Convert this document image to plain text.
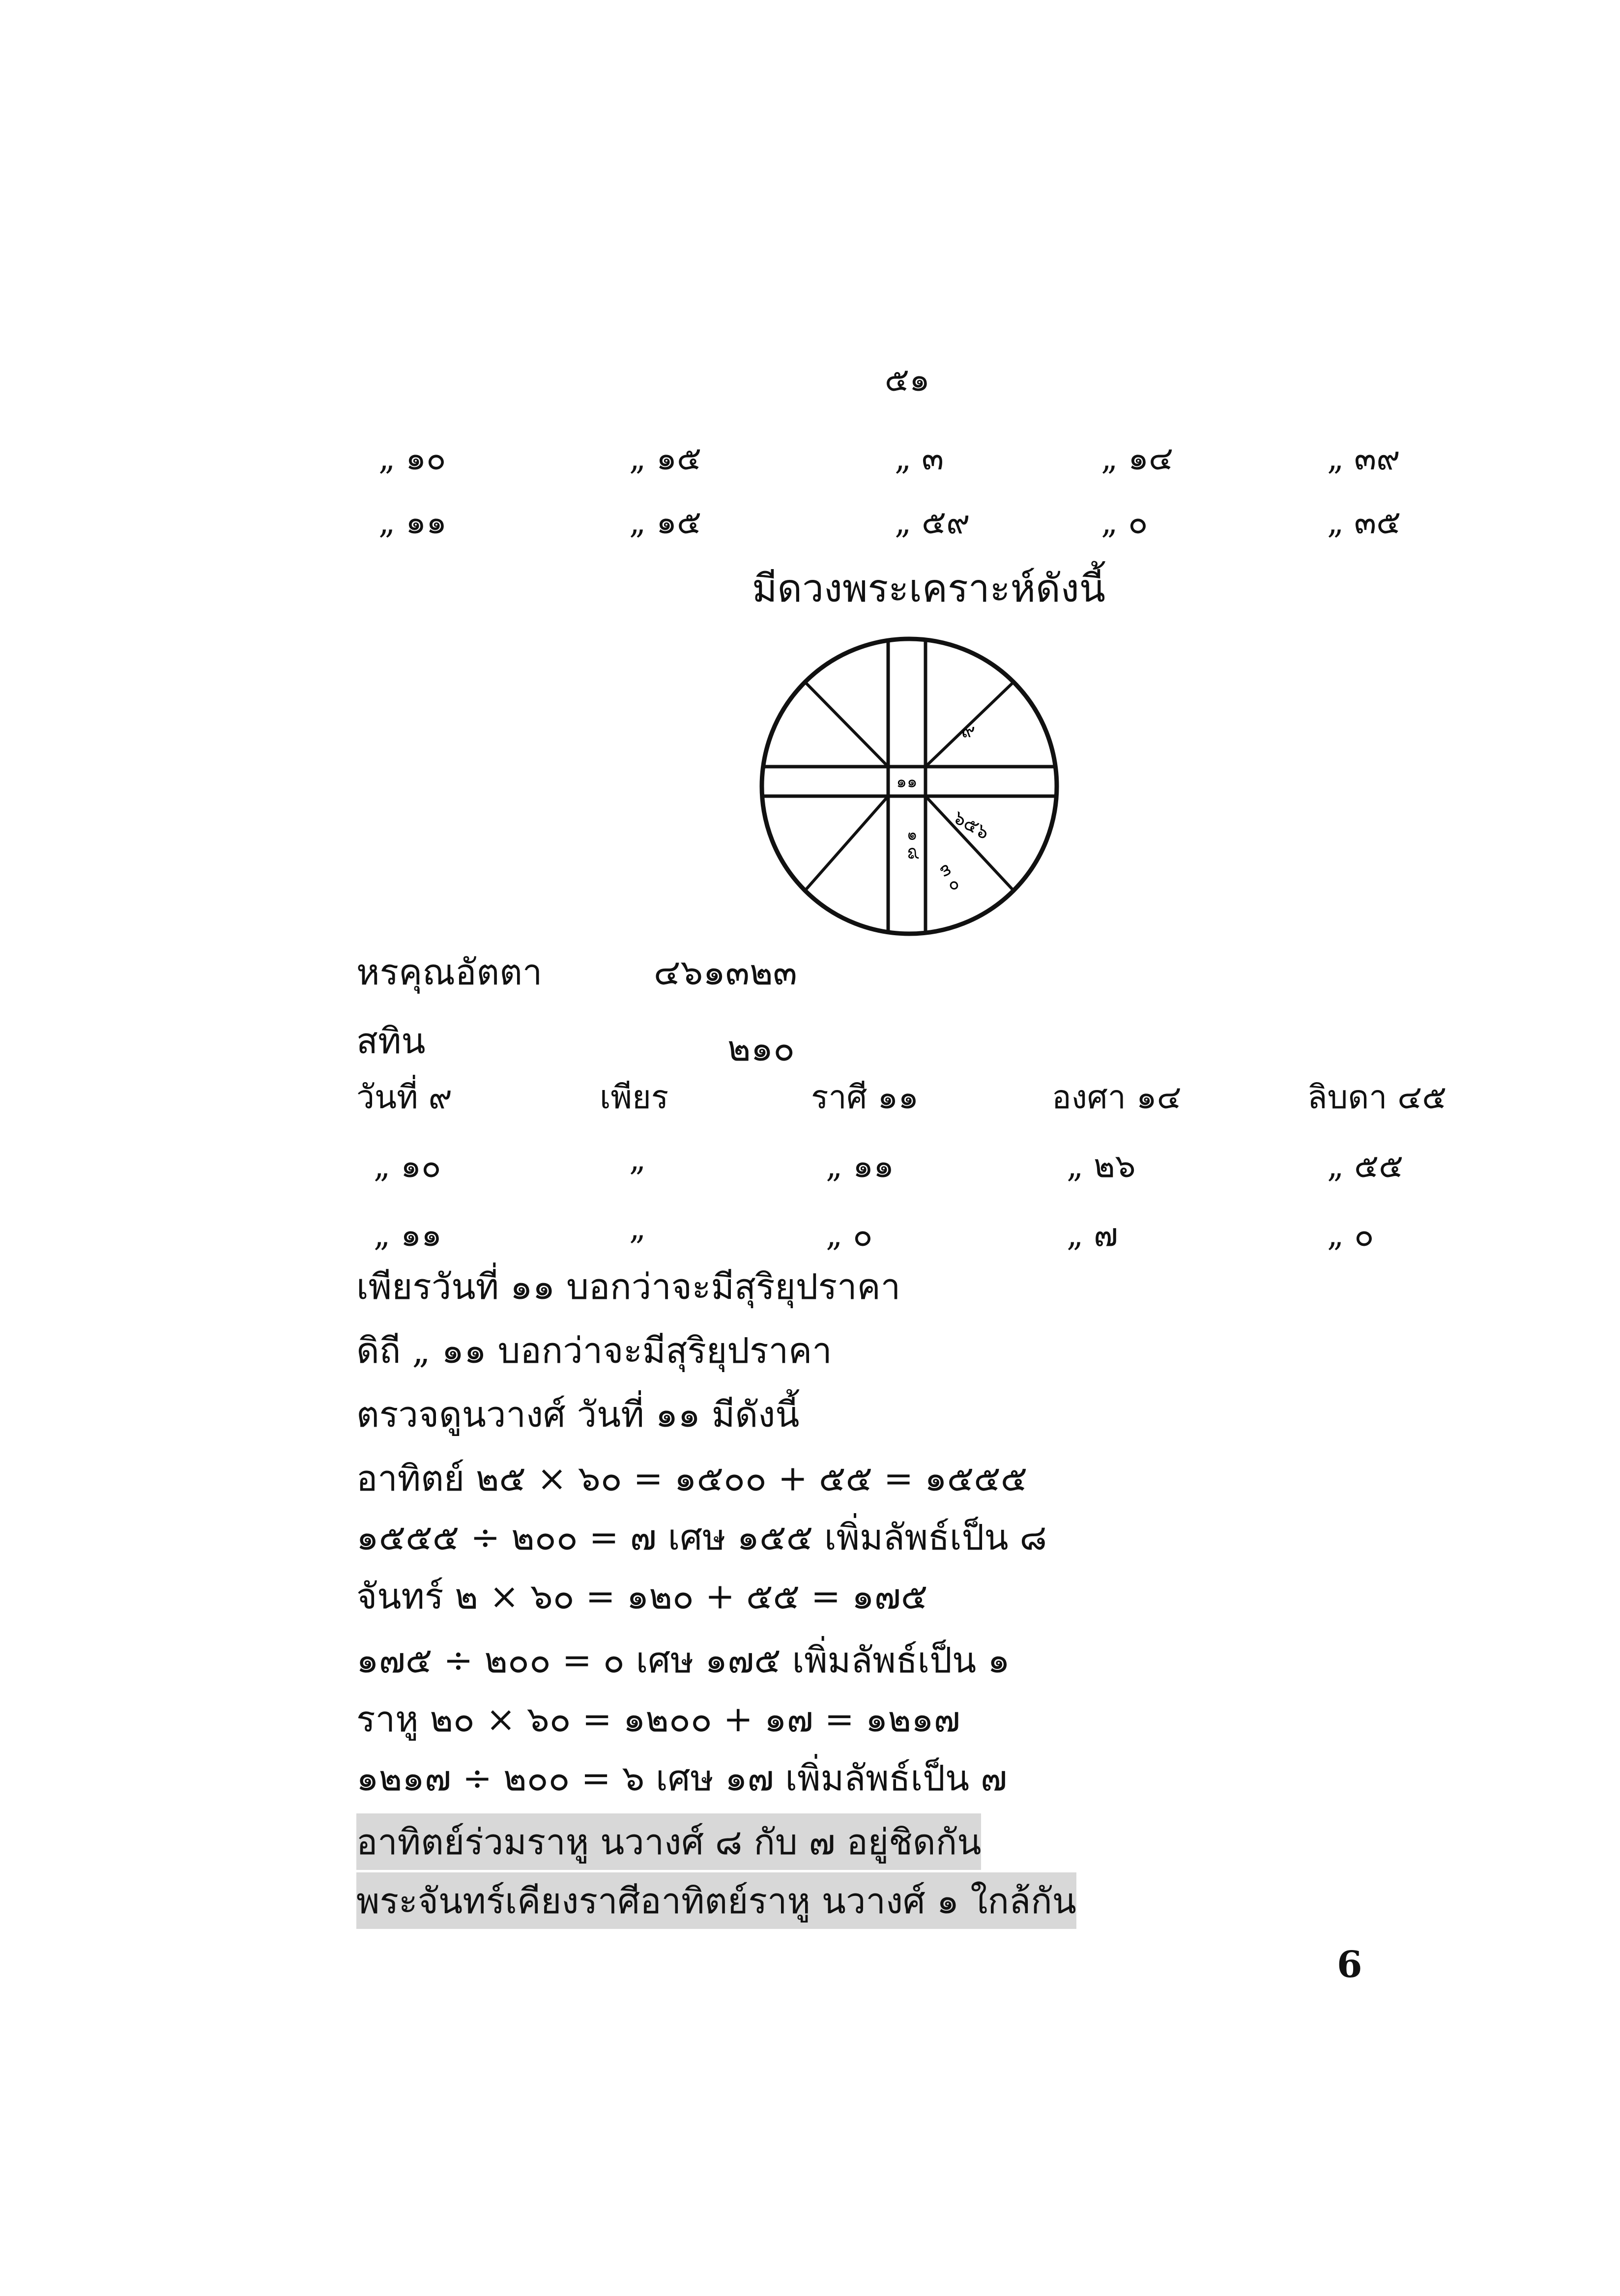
๕๑
„ ๑๐	„ ๑๕	„ ๓	„ ๑๔	„ ๓๙
„ ๑๑	„ ๑๕	„ ๕๙	„ ๐	„ ๓๕
มีดวงพระเคราะห์ดังนี้
๑๑
๙
๖๕๖
๑ ๘
๓ ๐
หรคุณอัตตา	๔๖๑๓๒๓
สทิน	๒๑๐
วันที่ ๙	เพียร	ราศี ๑๑	องศา ๑๔	ลิบดา ๔๕
„ ๑๐	„	„ ๑๑	„ ๒๖	„ ๕๕
„ ๑๑	„	„ ๐	„ ๗	„ ๐
เพียรวันที่ ๑๑ บอกว่าจะมีสุริยุปราคา
ดิถี „ ๑๑ บอกว่าจะมีสุริยุปราคา
ตรวจดูนวางศ์ วันที่ ๑๑ มีดังนี้
อาทิตย์ ๒๕ × ๖๐ = ๑๕๐๐ + ๕๕ = ๑๕๕๕
๑๕๕๕ ÷ ๒๐๐ = ๗ เศษ ๑๕๕ เพิ่มลัพธ์เป็น ๘
จันทร์ ๒ × ๖๐ = ๑๒๐ + ๕๕ = ๑๗๕
๑๗๕ ÷ ๒๐๐ = ๐ เศษ ๑๗๕ เพิ่มลัพธ์เป็น ๑
ราหู ๒๐ × ๖๐ = ๑๒๐๐ + ๑๗ = ๑๒๑๗
๑๒๑๗ ÷ ๒๐๐ = ๖ เศษ ๑๗ เพิ่มลัพธ์เป็น ๗
อาทิตย์ร่วมราหู นวางศ์ ๘ กับ ๗ อยู่ชิดกัน
พระจันทร์เคียงราศีอาทิตย์ราหู นวางศ์ ๑ ใกล้กัน
6
